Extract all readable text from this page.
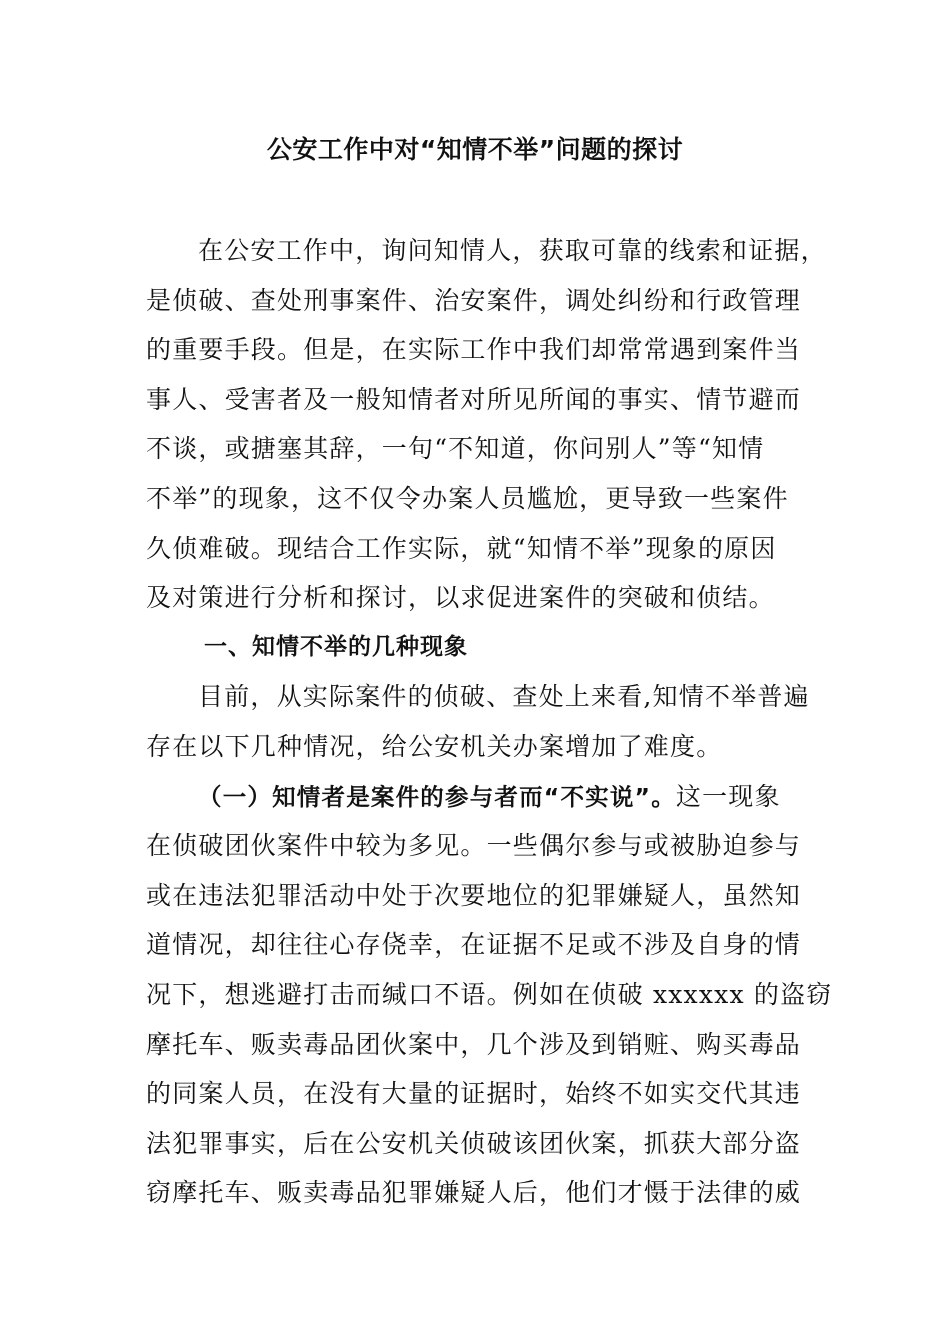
公安工作中对“知情不举”问题的探讨
在公安工作中，询问知情人，获取可靠的线索和证据，
是侦破、查处刑事案件、治安案件，调处纠纷和行政管理
的重要手段。但是，在实际工作中我们却常常遇到案件当
事人、受害者及一般知情者对所见所闻的事实、情节避而
不谈，或搪塞其辞，一句“不知道，你问别人”等“知情
不举”的现象，这不仅令办案人员尴尬，更导致一些案件
久侦难破。现结合工作实际，就“知情不举”现象的原因
及对策进行分析和探讨，以求促进案件的突破和侦结。
一、知情不举的几种现象
目前，从实际案件的侦破、查处上来看,知情不举普遍
存在以下几种情况，给公安机关办案增加了难度。
（一）知情者是案件的参与者而“不实说”。这一现象
在侦破团伙案件中较为多见。一些偶尔参与或被胁迫参与
或在违法犯罪活动中处于次要地位的犯罪嫌疑人，虽然知
道情况，却往往心存侥幸，在证据不足或不涉及自身的情
况下，想逃避打击而缄口不语。例如在侦破 xxxxxx 的盗窃
摩托车、贩卖毒品团伙案中，几个涉及到销赃、购买毒品
的同案人员，在没有大量的证据时，始终不如实交代其违
法犯罪事实，后在公安机关侦破该团伙案，抓获大部分盗
窃摩托车、贩卖毒品犯罪嫌疑人后，他们才慑于法律的威
